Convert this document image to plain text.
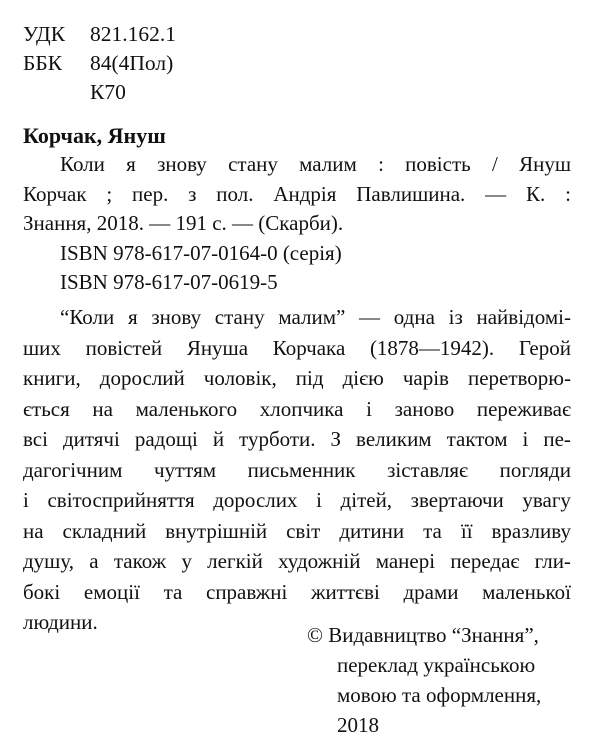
УДК 821.162.1
ББК 84(4Пол)
К70
Корчак, Януш
Коли я знову стану малим : повість / Януш
Корчак ; пер. з пол. Андрія Павлишина. — К. :
Знання, 2018. — 191 с. — (Скарби).
ISBN 978-617-07-0164-0 (серія)
ISBN 978-617-07-0619-5
“Коли я знову стану малим” — одна із найвідомі-
ших повістей Януша Корчака (1878—1942). Герой
книги, дорослий чоловік, під дією чарів перетворю-
ється на маленького хлопчика і заново переживає
всі дитячі радощі й турботи. З великим тактом і пе-
дагогічним чуттям письменник зіставляє погляди
і світосприйняття дорослих і дітей, звертаючи увагу
на складний внутрішній світ дитини та її вразливу
душу, а також у легкій художній манері передає гли-
бокі емоції та справжні життєві драми маленької
людини.
© Видавництво “Знання”,
переклад українською
мовою та оформлення,
2018
